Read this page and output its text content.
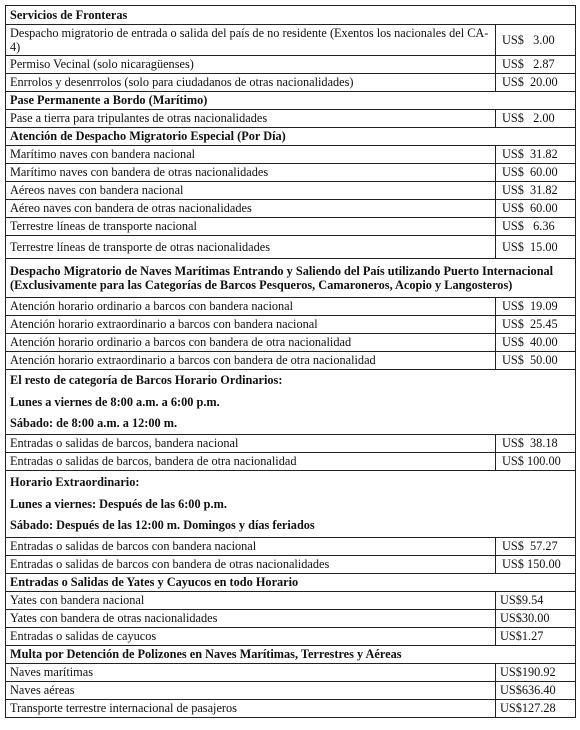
Servicios de Fronteras	

Despacho migratorio de entrada o salida del país de no residente (Exentos los nacionales del CA-4)	US$   3.00
Permiso Vecinal (solo nicaragüenses)	US$   2.87
Enrrolos y desenrrolos (solo para ciudadanos de otras nacionalidades)	US$  20.00

Pase Permanente a Bordo (Marítimo)	

Pase a tierra para tripulantes de otras nacionalidades	US$   2.00

Atención de Despacho Migratorio Especial (Por Día)	

Marítimo naves con bandera nacional	US$  31.82
Marítimo naves con bandera de otras nacionalidades	US$  60.00
Aéreos naves con bandera nacional	US$  31.82
Aéreo naves con bandera de otras nacionalidades	US$  60.00
Terrestre líneas de transporte nacional	US$   6.36
Terrestre líneas de transporte de otras nacionalidades	US$  15.00

Despacho Migratorio de Naves Marítimas Entrando y Saliendo del País utilizando Puerto Internacional (Exclusivamente para las Categorías de Barcos Pesqueros, Camaroneros, Acopio y Langosteros)	

Atención horario ordinario a barcos con bandera nacional	US$  19.09
Atención horario extraordinario a barcos con bandera nacional	US$  25.45
Atención horario ordinario a barcos con bandera de otra nacionalidad	US$  40.00
Atención horario extraordinario a barcos con bandera de otra nacionalidad	US$  50.00

El resto de categoría de Barcos Horario Ordinarios:
Lunes a viernes de 8:00 a.m. a 6:00 p.m.
Sábado: de 8:00 a.m. a 12:00 m.	

Entradas o salidas de barcos, bandera nacional	US$  38.18
Entradas o salidas de barcos, bandera de otra nacionalidad	US$ 100.00

Horario Extraordinario:
Lunes a viernes: Después de las 6:00 p.m.
Sábado: Después de las 12:00 m. Domingos y días feriados	

Entradas o salidas de barcos con bandera nacional	US$  57.27
Entradas o salidas de barcos con bandera de otras nacionalidades	US$ 150.00

Entradas o Salidas de Yates y Cayucos en todo Horario	

Yates con bandera nacional	US$9.54
Yates con bandera de otras nacionalidades	US$30.00
Entradas o salidas de cayucos	US$1.27

Multa por Detención de Polizones en Naves Marítimas, Terrestres y Aéreas	

Naves marítimas	US$190.92
Naves aéreas	US$636.40
Transporte terrestre internacional de pasajeros	US$127.28
